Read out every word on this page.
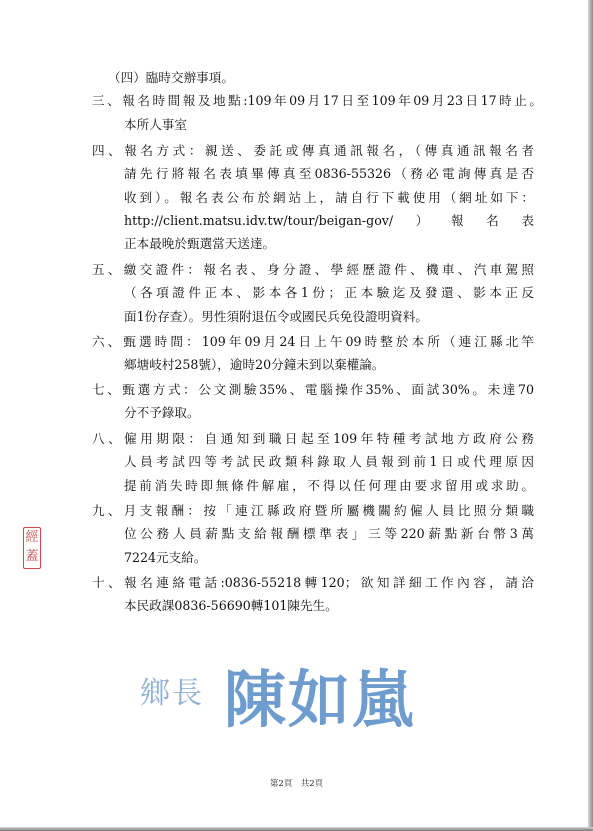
（四）臨時交辦事項。
三、報名時間報及地點:109年09月17日至109年09月23日17時止。
本所人事室
四、報名方式：親送、委託或傳真通訊報名，（傳真通訊報名者
請先行將報名表填畢傳真至0836-55326（務必電詢傳真是否
收到）。報名表公布於網站上，請自行下載使用（網址如下：
http://client.matsu.idv.tw/tour/beigan-gov/）報名表
正本最晚於甄選當天送達。
五、繳交證件：報名表、身分證、學經歷證件、機車、汽車駕照
（各項證件正本、影本各1份；正本驗迄及發還、影本正反
面1份存查）。男性須附退伍令或國民兵免役證明資料。
六、甄選時間：109年09月24日上午09時整於本所（連江縣北竿
鄉塘岐村258號），逾時20分鐘未到以棄權論。
七、甄選方式：公文測驗35%、電腦操作35%、面試30%。未達70
分不予錄取。
八、僱用期限：自通知到職日起至109年特種考試地方政府公務
人員考試四等考試民政類科錄取人員報到前1日或代理原因
提前消失時即無條件解雇，不得以任何理由要求留用或求助。
九、月支報酬：按「連江縣政府暨所屬機關約僱人員比照分類職
位公務人員薪點支給報酬標準表」三等220薪點新台幣3萬
7224元支給。
十、報名連絡電話:0836-55218轉120；欲知詳細工作內容，請洽
本民政課0836-56690轉101陳先生。
經
蓋
鄉長 陳如嵐
第2頁　共2頁
